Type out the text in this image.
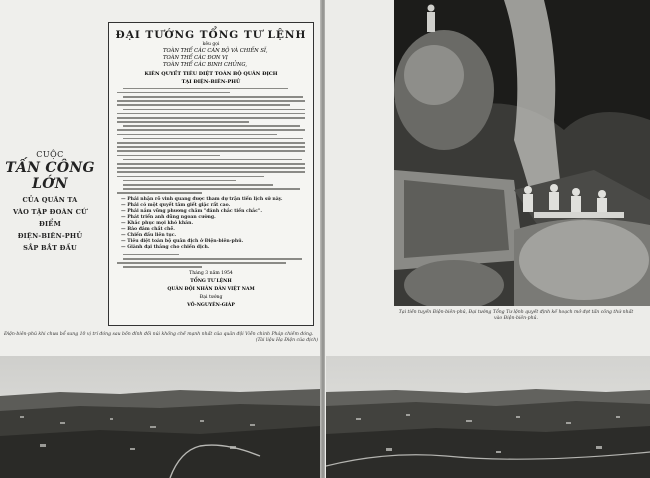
CUỘC
TẤN CÔNG LỚN
CỦA QUÂN TA
VÀO TẬP ĐOÀN CỨ ĐIỂM
ĐIỆN-BIÊN-PHỦ
SẮP BẮT ĐẦU
ĐẠI TƯỚNG TỔNG TƯ LỆNH
kêu gọi
TOÀN THỂ CÁC CÁN BỘ VÀ CHIẾN SĨ,
TOÀN THỂ CÁC ĐƠN VỊ
TOÀN THỂ CÁC BINH CHỦNG,
KIÊN QUYẾT TIÊU DIỆT TOÀN BỘ QUÂN ĐỊCH
TẠI ĐIỆN-BIÊN-PHỦ
— Phải nhận rõ vinh quang được tham dự trận tiến lịch sử này.
— Phải có một quyết tâm giết giặc rất cao.
— Phải nắm vững phương châm "đánh chắc tiến chắc".
— Phát triển anh dũng ngoan cường.
— Khắc phục mọi khó khăn.
— Bảo đảm chất chẽ.
— Chiến đấu liên tục.
— Tiêu diệt toàn bộ quân địch ở Điện-biên-phủ.
— Giành đại thắng cho chiến dịch.
Tháng 3 năm 1954
TỔNG TƯ LỆNH
QUÂN ĐỘI NHÂN DÂN VIỆT NAM
Đại tướng
VÕ-NGUYÊN-GIÁP
Điện-biên-phủ khi chưa bổ sung 10 vị trí đóng sau bốn đỉnh đồi núi khống chế mạnh nhất của quân đội Viễn chinh Pháp chiếm đóng.

(Tài liệu Hạ Điện của địch)
Tại tiền tuyến Điện-biên-phủ, Đại tướng Tổng Tư lệnh quyết định kế hoạch mở đợt tấn công thứ nhất vào Điện-biên-phủ.
